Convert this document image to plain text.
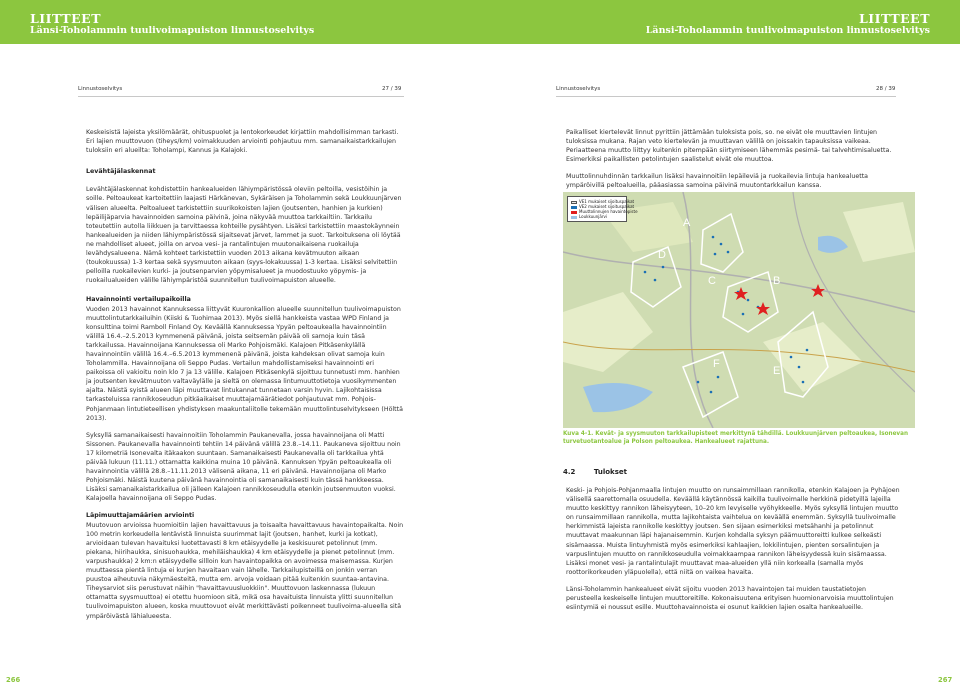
LIITTEET
Länsi-Toholammin tuulivoimapuiston linnustoselvitys
LIITTEET
Länsi-Toholammin tuulivoimapuiston linnustoselvitys
Linnustoselvitys	27 / 39	Linnustoselvitys	28 / 39

Keskeisistä lajeista yksilömäärät, ohituspuolet ja lentokorkeudet kirjattiin mahdollisimman tarkasti. Eri lajien muuttovuon (tiheys/km) voimakkuuden arviointi pohjautuu mm. samanaikaistarkkailujen tuloksiin eri alueilta: Toholampi, Kannus ja Kalajoki.

Levähtäjälaskennat

Levähtäjälaskennat kohdistettiin hankealueiden lähiympäristössä oleviin peltoilla, vesistöihin ja soille. Peltoaukeat kartoitettiin laajasti Härkänevan, Sykäräisen ja Toholammin sekä Loukkuunjärven välisen alueelta. Peltoalueet tarkistettiin suurikokoisten lajien (joutsenten, hanhien ja kurkien) lepäilijäparvia havainnoiden samoina päivinä, joina näkyvää muuttoa tarkkailtiin. Tarkkailu toteutettiin autolla liikkuen ja tarvittaessa kohteille pysähtyen. Lisäksi tarkistettiin maastokäynnein hankealueiden ja niiden lähiympäristössä sijaitsevat järvet, lammet ja suot. Tarkoituksena oli löytää ne mahdolliset alueet, joilla on arvoa vesi- ja rantalintujen muutonaikaisena ruokailuja levähdysalueena. Nämä kohteet tarkistettiin vuoden 2013 aikana kevätmuuton aikaan (toukokuussa) 1-3 kertaa sekä syysmuuton aikaan (syys-lokakuussa) 1-3 kertaa. Lisäksi selvitettiin pelloilla ruokailevien kurki- ja joutsenparvien yöpymisalueet ja muodostuuko yöpymis- ja ruokailualueiden välille lähiympäristöä suunnitellun tuulivoimapuiston alueelle.

Havainnointi vertailupaikoilla

Vuoden 2013 havainnot Kannuksessa liittyvät Kuuronkallion alueelle suunnitellun tuulivoimapuiston muuttolintutarkkailuihin (Kiiski & Tuohimaa 2013). Myös siellä hankkeista vastaa WPD Finland ja konsulttina toimi Ramboll Finland Oy. Keväällä Kannuksessa Ypyän peltoaukealla havainnointiin välillä 16.4.–2.5.2013 kymmenenä päivänä, joista seitsemän päivää oli samoja kuin täsä tarkkailussa. Havainnoijana Kannuksessa oli Marko Pohjoismäki. Kalajoen Pitkäsenkylällä havainnointiin välillä 16.4.–6.5.2013 kymmenenä päivänä, joista kahdeksan olivat samoja kuin Toholammilla. Havainnoijana oli Seppo Pudas. Vertailun mahdollistamiseksi havainnointi eri paikoissa oli vakioitu noin klo 7 ja 13 välille. Kalajoen Pitkäsenkylä sijoittuu tunnetusti mm. hanhien ja joutsenten kevätmuuton valtaväylälle ja sieltä on olemassa lintumuuttotietoja vuosikymmenten ajalta. Näistä syistä alueen läpi muuttavat lintukannat tunnetaan varsin hyvin. Lajikohtaisissa tarkasteluissa rannikkoseudun pitkäaikaiset muuttajamäärätiedot pohjautuvat mm. Pohjois-Pohjanmaan lintutieteellisen yhdistyksen maakuntaliitolle tekemään muuttolintuselvitykseen (Hölttä 2013).

Syksyllä samanaikaisesti havainnoitiin Toholammin Paukanevalla, jossa havainnoijana oli Matti Sissonen. Paukanevalla havainnointi tehtiin 14 päivänä välillä 23.8.–14.11. Paukaneva sijoittuu noin 17 kilometriä Isonevalta itäkaakon suuntaan. Samanaikaisesti Paukanevalla oli tarkkailua yhtä päivää lukuun (11.11.) ottamatta kaikkina muina 10 päivänä. Kannuksen Ypyän peltoaukealla oli havainnointia välillä 28.8.–11.11.2013 välisenä aikana, 11 eri päivänä. Havainnoijana oli Marko Pohjoismäki. Näistä kuutena päivänä havainnointia oli samanaikaisesti kuin tässä hankkeessa. Lisäksi samanaikaistarkkailua oli jälleen Kalajoen rannikkoseudulla etenkin joutsenmuuton vuoksi. Kalajoella havainnoijana oli Seppo Pudas.

Läpimuuttajamäärien arviointi

Muutovuon arvioissa huomioitiin lajien havaittavuus ja toisaalta havaittavuus havaintopaikalta. Noin 100 metrin korkeudella lentävistä linnuista suurimmat lajit (joutsen, hanhet, kurki ja kotkat), arvioidaan tulevan havaituksi luotettavasti 8 km etäisyydelle ja keskisuuret petolinnut (mm. piekana, hiirihaukka, sinisuohaukka, mehiläishaukka) 4 km etäisyydelle ja pienet petolinnut (mm. varpushaukka) 2 km:n etäisyydelle sillloin kun havaintopaikka on avoimessa maisemassa. Kurjen muuttaessa pientä lintuja ei kurjen havaitaan vain lähelle. Tarkkailupisteillä on jonkin verran puustoa aiheutuvia näkymäesteitä, mutta em. arvoja voidaan pitää kuitenkin suuntaa-antavina. Tiheysarviot siis perustuvat näihin "havaittavuusluokkiin". Muuttovuon laskennassa (lukuun ottamatta syysmuuttoa) ei otettu huomioon sitä, mikä osa havaituista linnuista ylitti suunnitellun tuulivoimapuiston alueen, koska muuttovuot eivät merkittävästi poikenneet tuulivoima-alueella sitä ympäröivästä lähialueesta.

Paikalliset kiertelevät linnut pyrittiin jättämään tuloksista pois, so. ne eivät ole muuttavien lintujen tuloksissa mukana. Rajan veto kiertelevän ja muuttavan välillä on joissakin tapauksissa vaikeaa. Periaatteena muutto liittyy kuitenkin pitempään siirtymiseen lähemmäs pesimä- tai talvehtimisaluetta. Esimerkiksi paikallisten petolintujen saalistelut eivät ole muuttoa.

Muuttolinnuhdinnän tarkkailun lisäksi havainnoitiin lepäileviä ja ruokailevia lintuja hankealuetta ympäröivillä peltoalueilla, pääasiassa samoina päivinä muutontarkkailun kanssa.

A
B
C
D
E
F
VE1 mukaiset sijoituspaikat
VE2 mukaiset sijoituspaikat
Muuttolinnujen havaintopiste
Loukkuunjärvi
Kuva 4-1. Kevät- ja syysmuuton tarkkailupisteet merkittynä tähdillä. Loukkuunjärven peltoaukea, Isonevan turvetuotantoalue ja Polson peltoaukea. Hankealueet rajattuna.
4.2	Tulokset

Keski- ja Pohjois-Pohjanmaalla lintujen muutto on runsaimmillaan rannikolla, etenkin Kalajoen ja Pyhäjoen välisellä saarettomalla osuudella. Keväällä käytännössä kaikilla tuulivoimalle herkkinä pidetyillä lajeilla muutto keskittyy rannikon läheisyyteen, 10–20 km levyiselle vyöhykkeelle. Myös syksyllä lintujen muutto on runsaimmillaan rannikolla, mutta lajikohtaista vaihtelua on keväällä enemmän. Syksyllä tuulivoimalle herkimmistä lajeista rannikolle keskittyy joutsen. Sen sijaan esimerkiksi metsähanhi ja petolinnut muuttavat maakunnan läpi hajanaisemmin. Kurjen kohdalla syksyn päämuuttoreitti kulkee selkeästi sisämaassa. Muista lintuyhmistä myös esimerkiksi kahlaajien, lokkilintujen, pienten sorsalintujen ja varpuslintujen muutto on rannikkoseudulla voimakkaampaa rannikon läheisyydessä kuin sisämaassa. Lisäksi monet vesi- ja rantalintulajit muuttavat maa-alueiden yllä niin korkealla (samalla myös roottorikorkeuden yläpuolella), että niitä on vaikea havaita.

Länsi-Toholammin hankealueet eivät sijoitu vuoden 2013 havaintojen tai muiden taustatietojen perusteella keskeiselle lintujen muuttoreitille. Kokonaisuutena erityisen huomionarvoisia muuttolintujen esiintymiä ei noussut esille. Muuttohavainnoista ei osunut kaikkien lajien osalta hankealueille.

266	267
